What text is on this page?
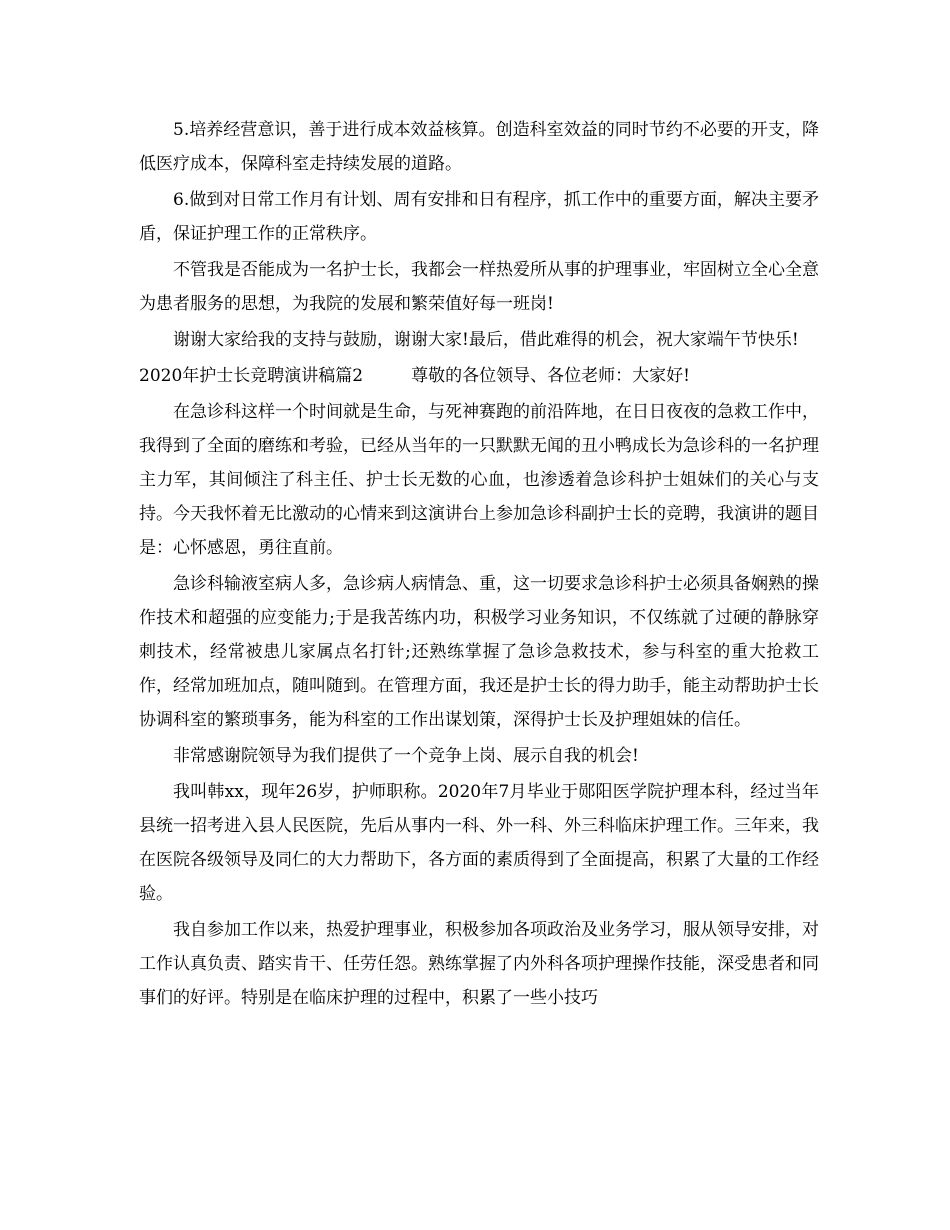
5.培养经营意识，善于进行成本效益核算。创造科室效益的同时节约不必要的开支，降低医疗成本，保障科室走持续发展的道路。

6.做到对日常工作月有计划、周有安排和日有程序，抓工作中的重要方面，解决主要矛盾，保证护理工作的正常秩序。

不管我是否能成为一名护士长，我都会一样热爱所从事的护理事业，牢固树立全心全意为患者服务的思想，为我院的发展和繁荣值好每一班岗!

谢谢大家给我的支持与鼓励，谢谢大家!最后，借此难得的机会，祝大家端午节快乐!

2020年护士长竞聘演讲稿篇2	尊敬的各位领导、各位老师：大家好!

在急诊科这样一个时间就是生命，与死神赛跑的前沿阵地，在日日夜夜的急救工作中，我得到了全面的磨练和考验，已经从当年的一只默默无闻的丑小鸭成长为急诊科的一名护理主力军，其间倾注了科主任、护士长无数的心血，也渗透着急诊科护士姐妹们的关心与支持。今天我怀着无比激动的心情来到这演讲台上参加急诊科副护士长的竞聘，我演讲的题目是：心怀感恩，勇往直前。

急诊科输液室病人多，急诊病人病情急、重，这一切要求急诊科护士必须具备娴熟的操作技术和超强的应变能力;于是我苦练内功，积极学习业务知识，不仅练就了过硬的静脉穿刺技术，经常被患儿家属点名打针;还熟练掌握了急诊急救技术，参与科室的重大抢救工作，经常加班加点，随叫随到。在管理方面，我还是护士长的得力助手，能主动帮助护士长协调科室的繁琐事务，能为科室的工作出谋划策，深得护士长及护理姐妹的信任。

非常感谢院领导为我们提供了一个竞争上岗、展示自我的机会!

我叫韩xx，现年26岁，护师职称。2020年7月毕业于郧阳医学院护理本科，经过当年县统一招考进入县人民医院，先后从事内一科、外一科、外三科临床护理工作。三年来，我在医院各级领导及同仁的大力帮助下，各方面的素质得到了全面提高，积累了大量的工作经验。

我自参加工作以来，热爱护理事业，积极参加各项政治及业务学习，服从领导安排，对工作认真负责、踏实肯干、任劳任怨。熟练掌握了内外科各项护理操作技能，深受患者和同事们的好评。特别是在临床护理的过程中，积累了一些小技巧
